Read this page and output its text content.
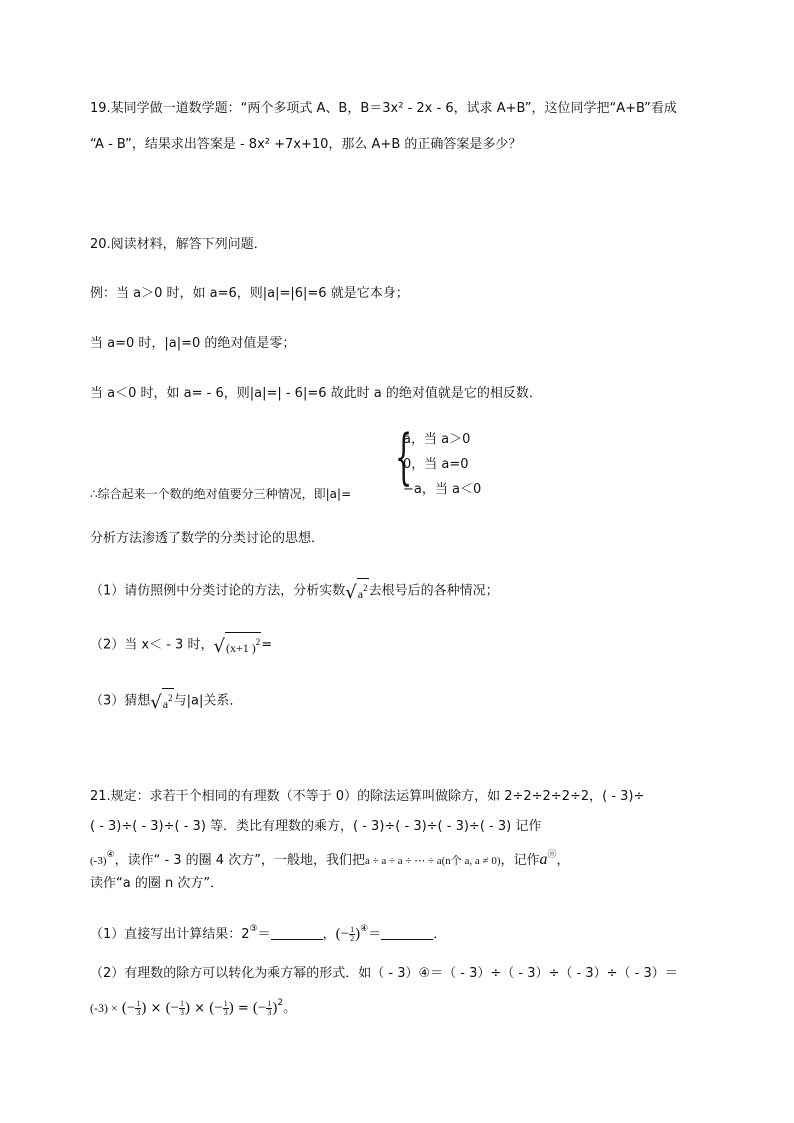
19.某同学做一道数学题：“两个多项式 A、B，B＝3x² - 2x - 6，试求 A+B”，这位同学把“A+B”看成
“A - B”，结果求出答案是 - 8x² +7x+10，那么 A+B 的正确答案是多少？
20.阅读材料，解答下列问题．
例：当 a＞0 时，如 a=6，则|a|=|6|=6 就是它本身；
当 a=0 时，|a|=0 的绝对值是零；
当 a＜0 时，如 a= - 6，则|a|=| - 6|=6 故此时 a 的绝对值就是它的相反数．
{
a，当 a＞0
0，当 a=0
−a，当 a＜0
∴综合起来一个数的绝对值要分三种情况，即|a|=
分析方法渗透了数学的分类讨论的思想．
（1）请仿照例中分类讨论的方法，分析实数$√a^2$去根号后的各种情况；
（2）当 x＜ - 3 时，√(x+1 )$^2$=
（3）猜想$√a^2$与|a|关系．
21.规定：求若干个相同的有理数（不等于 0）的除法运算叫做除方，如 2÷2÷2÷2÷2，( - 3)÷
( - 3)÷( - 3)÷( - 3) 等．类比有理数的乘方，( - 3)÷( - 3)÷( - 3)÷( - 3) 记作
(-3)④，读作“ - 3 的圈 4 次方”，一般地，我们把a ÷ a ÷ a ÷ ⋯ ÷ a(n个 a, a ≠ 0)，记作aⓝ，
读作“a 的圈 n 次方”．
（1）直接写出计算结果：2③＝	，(− $\frac{1}{2} )^④=$	．
（2）有理数的除方可以转化为乘方幂的形式．如（ - 3）④＝（ - 3）÷（ - 3）÷（ - 3）÷（ - 3）＝
(-3) × (− $\frac{1}{3}$ ) × (− $\frac{1}{3}$ ) × (− $\frac{1}{3}$ ) = (− $\frac{1}{3} )^2$。
